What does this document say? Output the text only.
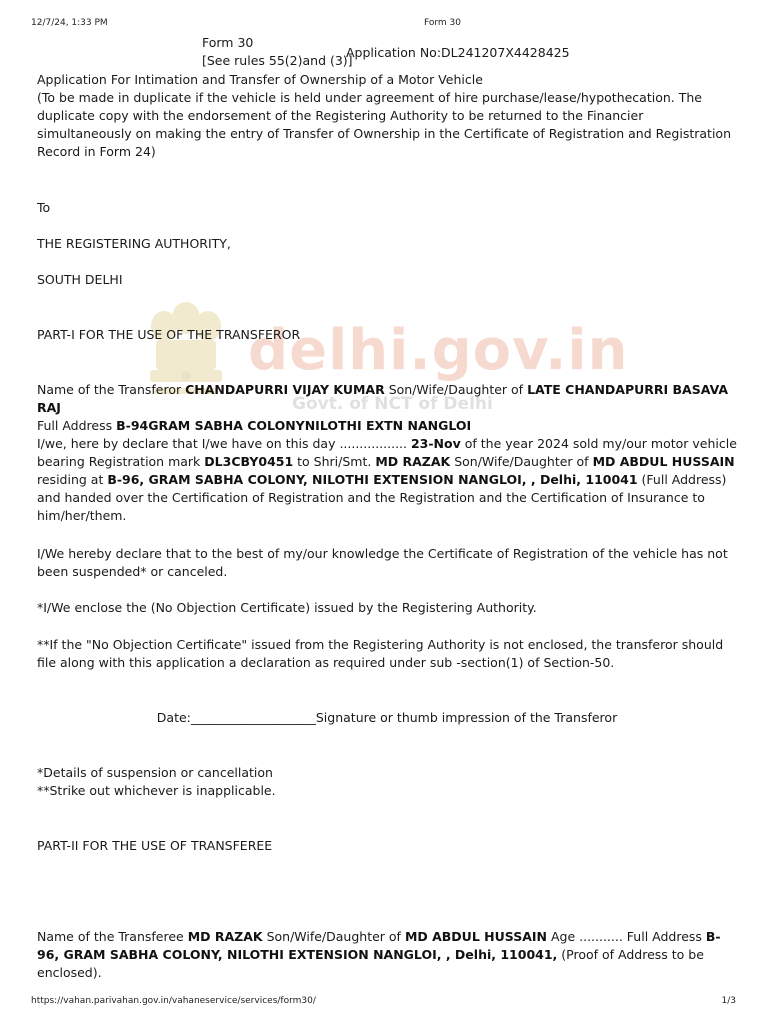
12/7/24, 1:33 PM	Form 30
delhi.gov.in
Govt. of NCT of Delhi
Form 30
[See rules 55(2)and (3)]
Application No:DL241207X4428425
Application For Intimation and Transfer of Ownership of a Motor Vehicle
(To be made in duplicate if the vehicle is held under agreement of hire purchase/lease/hypothecation. The duplicate copy with the endorsement of the Registering Authority to be returned to the Financier simultaneously on making the entry of Transfer of Ownership in the Certificate of Registration and Registration Record in Form 24)
To
THE REGISTERING AUTHORITY,
SOUTH DELHI
PART-I FOR THE USE OF THE TRANSFEROR
Name of the Transferor CHANDAPURRI VIJAY KUMAR Son/Wife/Daughter of LATE CHANDAPURRI BASAVA RAJ
Full Address B-94GRAM SABHA COLONYNILOTHI EXTN NANGLOI
I/we, here by declare that I/we have on this day ................. 23-Nov of the year 2024 sold my/our motor vehicle bearing Registration mark DL3CBY0451 to Shri/Smt. MD RAZAK Son/Wife/Daughter of MD ABDUL HUSSAIN residing at B-96, GRAM SABHA COLONY, NILOTHI EXTENSION NANGLOI, , Delhi, 110041 (Full Address) and handed over the Certification of Registration and the Registration and the Certification of Insurance to him/her/them.
I/We hereby declare that to the best of my/our knowledge the Certificate of Registration of the vehicle has not been suspended* or canceled.
*I/We enclose the (No Objection Certificate) issued by the Registering Authority.
**If the "No Objection Certificate" issued from the Registering Authority is not enclosed, the transferor should file along with this application a declaration as required under sub -section(1) of Section-50.
Date:____________________Signature or thumb impression of the Transferor
*Details of suspension or cancellation
**Strike out whichever is inapplicable.
PART-II FOR THE USE OF TRANSFEREE
Name of the Transferee MD RAZAK Son/Wife/Daughter of MD ABDUL HUSSAIN Age ........... Full Address B-96, GRAM SABHA COLONY, NILOTHI EXTENSION NANGLOI, , Delhi, 110041, (Proof of Address to be enclosed).
https://vahan.parivahan.gov.in/vahaneservice/services/form30/	1/3
